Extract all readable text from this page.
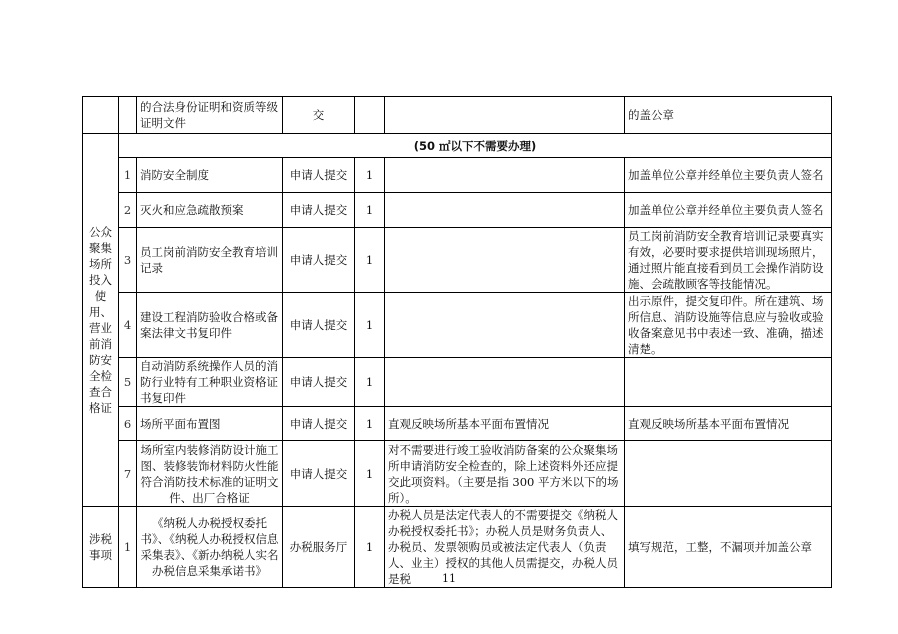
		的合法身份证明和资质等级证明文件	交			的盖公章
公众聚集场所投入使用、营业前消防安全检查合格证	(50 ㎡以下不需要办理)					
	1	消防安全制度	申请人提交	1		加盖单位公章并经单位主要负责人签名
	2	灭火和应急疏散预案	申请人提交	1		加盖单位公章并经单位主要负责人签名
	3	员工岗前消防安全教育培训记录	申请人提交	1		员工岗前消防安全教育培训记录要真实有效，必要时要求提供培训现场照片，通过照片能直接看到员工会操作消防设施、会疏散顾客等技能情况。
	4	建设工程消防验收合格或备案法律文书复印件	申请人提交	1		出示原件，提交复印件。所在建筑、场所信息、消防设施等信息应与验收或验收备案意见书中表述一致、准确，描述清楚。
	5	自动消防系统操作人员的消防行业特有工种职业资格证书复印件	申请人提交	1		
	6	场所平面布置图	申请人提交	1	直观反映场所基本平面布置情况	直观反映场所基本平面布置情况
	7	场所室内装修消防设计施工图、装修装饰材料防火性能符合消防技术标准的证明文件、出厂合格证	申请人提交	1	对不需要进行竣工验收消防备案的公众聚集场所申请消防安全检查的，除上述资料外还应提交此项资料。（主要是指 300 平方米以下的场所）。	
涉税事项	1	《纳税人办税授权委托书》、《纳税人办税授权信息采集表》、《新办纳税人实名办税信息采集承诺书》	办税服务厅	1	办税人员是法定代表人的不需要提交《纳税人办税授权委托书》；办税人员是财务负责人、办税员、发票领购员或被法定代表人（负责人、业主）授权的其他人员需提交，办税人员是税	填写规范，工整，不漏项并加盖公章
11
